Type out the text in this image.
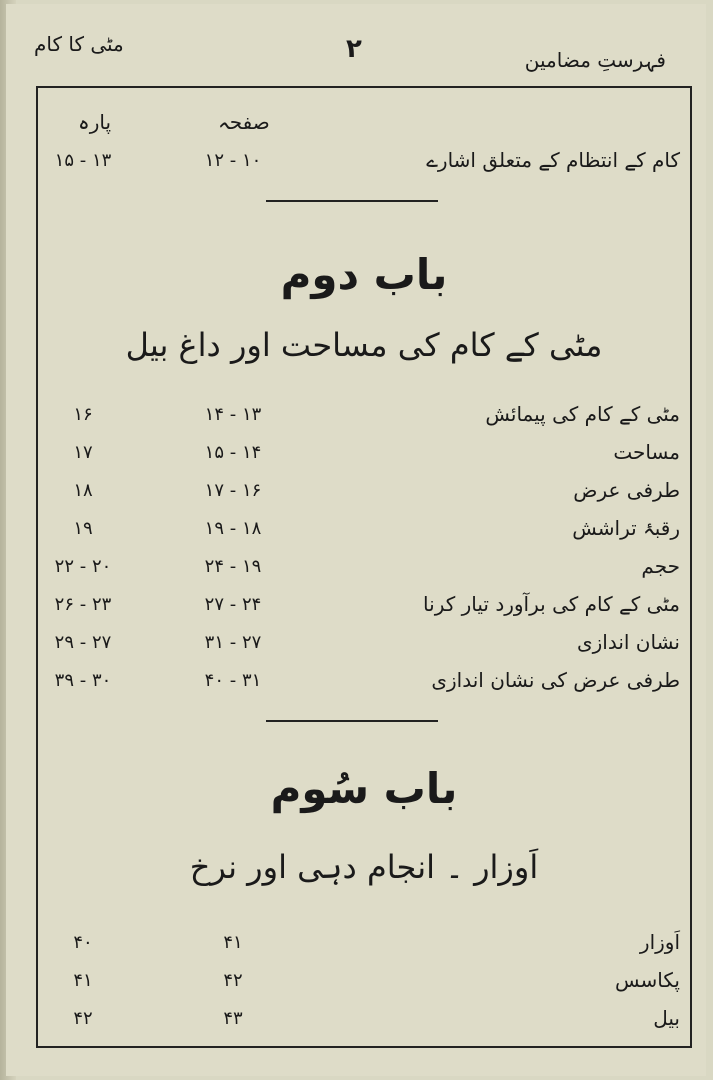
مٹی کا کام	۲	فہرستِ مضامین
صفحہ
پارہ
کام کے انتظام کے متعلق اشارے
۱۰ - ۱۲
۱۳ - ۱۵
باب دوم
مٹی کے کام کی مساحت اور داغ بیل
مٹی کے کام کی پیمائش
۱۳ - ۱۴
۱۶
مساحت
۱۴ - ۱۵
۱۷
طرفی عرض
۱۶ - ۱۷
۱۸
رقبۂ تراشش
۱۸ - ۱۹
۱۹
حجم
۱۹ - ۲۴
۲۰ - ۲۲
مٹی کے کام کی برآورد تیار کرنا
۲۴ - ۲۷
۲۳ - ۲۶
نشان اندازی
۲۷ - ۳۱
۲۷ - ۲۹
طرفی عرض کی نشان اندازی
۳۱ - ۴۰
۳۰ - ۳۹
باب سُوم
اَوزار ۔ انجام دہی اور نرخ
اَوزار
۴۱
۴۰
پکاسس
۴۲
۴۱
بیل
۴۳
۴۲
